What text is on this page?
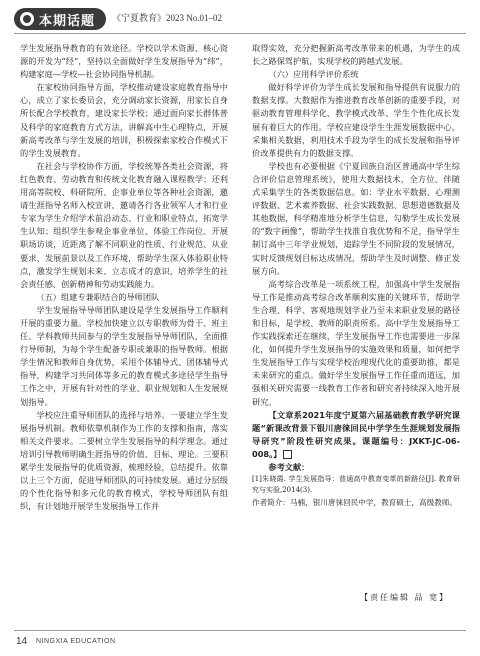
本期话题 《宁夏教育》2023 No.01–02

学生发展指导教育的有效途径。学校以学术资源、核心资源的开发为“经”，坚持以全面做好学生发展指导为“纬”，构建家庭—学校—社会协同指导机制。

在家校协同指导方面，学校推动建设家庭教育指导中心，成立了家长委员会，充分调动家长资源，用家长自身所长配合学校教育，建设家长学校；通过面向家长群体普及科学的家庭教育方式方法，讲解高中生心理特点，开展新高考改革与学生发展的培训，积极探索家校合作模式下的学生发展教育。

在社会与学校协作方面，学校统筹各类社会资源，将红色教育、劳动教育和传统文化教育融入课程教学；还利用高等院校、科研院所、企事业单位等各种社会资源，邀请生涯指导名师入校宣讲，邀请各行各业领军人才和行业专家为学生介绍学术前沿动态、行业和职业特点，拓宽学生认知；组织学生参观企事业单位、体验工作岗位、开展职场访谈，近距离了解不同职业的性质、行业规范、从业要求、发展前景以及工作环境，帮助学生深入体验职业特点，激发学生规划未来、立志成才的意识，培养学生的社会责任感、创新精神和劳动实践能力。

（五）组建专兼职结合的导师团队

学生发展指导导师团队建设是学生发展指导工作顺利开展的重要力量。学校加快建立以专职教师为骨干、班主任、学科教师共同参与的学生发展指导导师团队，全面推行导师制，为每个学生配备专职或兼职的指导教师。根据学生情况和教师自身优势，采用个体辅导式、团体辅导式指导，构建学习共同体等多元的教育模式多途径学生指导工作之中，开展有针对性的学业、职业规划和人生发展规划指导。

学校应注重导师团队的选择与培养。一要建立学生发展指导机制。教师依靠机制作为工作的支撑和指南，落实相关文件要求。二要树立学生发展指导的科学理念。通过培训引导教师明确生涯指导的价值、目标、理论。三要积累学生发展指导的优质资源，梳理经验，总结提升。依靠以上三个方面，促进导师团队的可持续发展。通过分层级的个性化指导和多元化的教育模式，学校导师团队有组织，有计划地开展学生发展指导工作并

取得实效，充分把握新高考改革带来的机遇，为学生的成长之路保驾护航，实现学校的跨越式发展。

（六）应用科学评价系统

做好科学评价为学生成长发展和指导提供有说服力的数据支撑。大数据作为推进教育改革创新的重要手段，对驱动教育管理科学化、教学模式改革、学生个性化成长发展有着巨大的作用。学校应建设学生生涯发展数据中心，采集相关数据，利用技术手段为学生的成长发展和指导评价改革提供有力的数据支撑。

学校也有必要根据《宁夏回族自治区普通高中学生综合评价信息管理系统》，使用大数据技术，全方位、伴随式采集学生的各类数据信息。如：学业水平数据、心理测评数据、艺术素养数据、社会实践数据、思想道德数据及其他数据，科学精准地分析学生信息，勾勒学生成长发展的“数字画像”，帮助学生找准自我优势和不足，指导学生制订高中三年学业规划，追踪学生不同阶段的发展情况，实时反馈规划目标达成情况，帮助学生及时调整、修正发展方向。

高考综合改革是一项系统工程，加强高中学生发展指导工作是推动高考综合改革顺利实施的关键环节，帮助学生合理、科学、客观地规划学业乃至未来职业发展的路径和目标，是学校、教师的职责所系。高中学生发展指导工作实践探索还在继续，学生发展指导工作也需要进一步深化，如何提升学生发展指导的实施效果和质量，如何把学生发展指导工作与实现学校治理现代化的重要助推，都是未来研究的重点。做好学生发展指导工作任重而道远，加强相关研究需要一线教育工作者和研究者持续深入地开展研究。

【文章系2021年度宁夏第六届基础教育教学研究课题“新课改背景下银川唐徕回民中学学生生涯规划发展指导研究”阶段性研究成果。课题编号：JXKT-JC-06-008。】

参考文献：

[1]朱晓霞. 学生发展指导：普通高中教育变革的新路径[J]. 教育研究与实验,2014(3).

作者简介：马楠，银川唐徕回民中学，教育硕士，高级教师。

【责任编辑 品 宽】
14 NINGXIA EDUCATION
